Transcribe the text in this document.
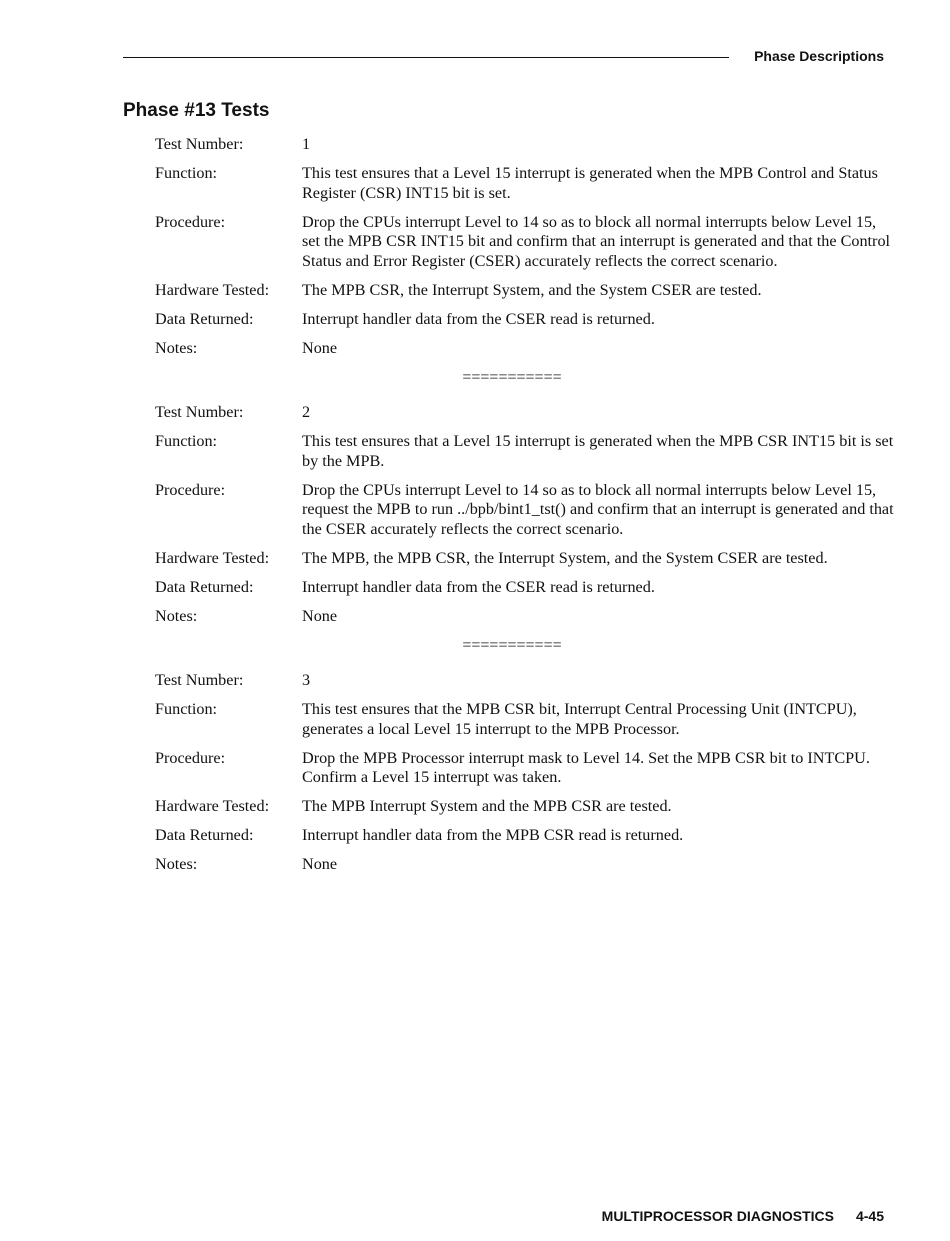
Phase Descriptions
Phase #13 Tests
Test Number:	1
Function:	This test ensures that a Level 15 interrupt is generated when the MPB Control and Status Register (CSR) INT15 bit is set.
Procedure:	Drop the CPUs interrupt Level to 14 so as to block all normal interrupts below Level 15, set the MPB CSR INT15 bit and confirm that an interrupt is generated and that the Control Status and Error Register (CSER) accurately reflects the correct scenario.
Hardware Tested:	The MPB CSR, the Interrupt System, and the System CSER are tested.
Data Returned:	Interrupt handler data from the CSER read is returned.
Notes:	None
===========
Test Number:	2
Function:	This test ensures that a Level 15 interrupt is generated when the MPB CSR INT15 bit is set by the MPB.
Procedure:	Drop the CPUs interrupt Level to 14 so as to block all normal interrupts below Level 15, request the MPB to run ../bpb/bint1_tst() and confirm that an interrupt is generated and that the CSER accurately reflects the correct scenario.
Hardware Tested:	The MPB, the MPB CSR, the Interrupt System, and the System CSER are tested.
Data Returned:	Interrupt handler data from the CSER read is returned.
Notes:	None
===========
Test Number:	3
Function:	This test ensures that the MPB CSR bit, Interrupt Central Processing Unit (INTCPU), generates a local Level 15 interrupt to the MPB Processor.
Procedure:	Drop the MPB Processor interrupt mask to Level 14. Set the MPB CSR bit to INTCPU. Confirm a Level 15 interrupt was taken.
Hardware Tested:	The MPB Interrupt System and the MPB CSR are tested.
Data Returned:	Interrupt handler data from the MPB CSR read is returned.
Notes:	None
MULTIPROCESSOR DIAGNOSTICS 4-45
